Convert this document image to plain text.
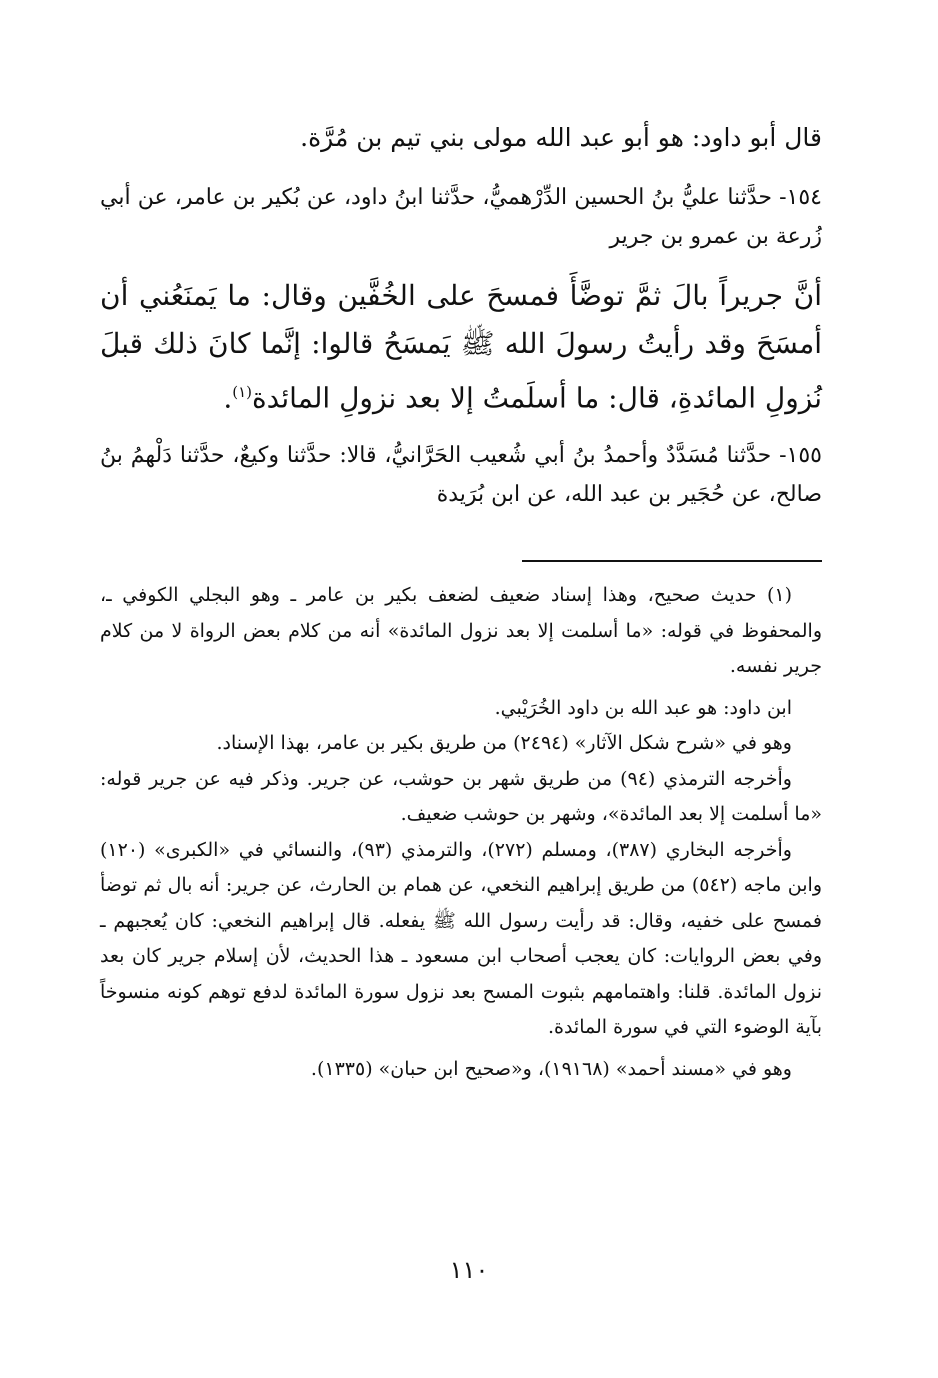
قال أبو داود: هو أبو عبد الله مولى بني تيم بن مُرَّة.

١٥٤- حدَّثنا عليُّ بنُ الحسين الدِّرْهميُّ، حدَّثنا ابنُ داود، عن بُكير بن عامر، عن أبي زُرعة بن عمرو بن جرير

أنَّ جريراً بالَ ثمَّ توضَّأَ فمسحَ على الخُفَّين وقال: ما يَمنَعُني أن أمسَحَ وقد رأيتُ رسولَ الله ﷺ يَمسَحُ قالوا: إنَّما كانَ ذلك قبلَ نُزولِ المائدةِ، قال: ما أسلَمتُ إلا بعد نزولِ المائدة$^{(١)}$.

١٥٥- حدَّثنا مُسَدَّدٌ وأحمدُ بنُ أبي شُعيب الحَرَّانيُّ، قالا: حدَّثنا وكيعٌ، حدَّثنا دَلْهمُ بنُ صالح، عن حُجَير بن عبد الله، عن ابن بُرَيدة

(١) حديث صحيح، وهذا إسناد ضعيف لضعف بكير بن عامر ـ وهو البجلي الكوفي ـ، والمحفوظ في قوله: «ما أسلمت إلا بعد نزول المائدة» أنه من كلام بعض الرواة لا من كلام جرير نفسه.

ابن داود: هو عبد الله بن داود الخُرَيْبي.

وهو في «شرح شكل الآثار» (٢٤٩٤) من طريق بكير بن عامر، بهذا الإسناد.

وأخرجه الترمذي (٩٤) من طريق شهر بن حوشب، عن جرير. وذكر فيه عن جرير قوله: «ما أسلمت إلا بعد المائدة»، وشهر بن حوشب ضعيف.

وأخرجه البخاري (٣٨٧)، ومسلم (٢٧٢)، والترمذي (٩٣)، والنسائي في «الكبرى» (١٢٠) وابن ماجه (٥٤٢) من طريق إبراهيم النخعي، عن همام بن الحارث، عن جرير: أنه بال ثم توضأ فمسح على خفيه، وقال: قد رأيت رسول الله ﷺ يفعله. قال إبراهيم النخعي: كان يُعجبهم ـ وفي بعض الروايات: كان يعجب أصحاب ابن مسعود ـ هذا الحديث، لأن إسلام جرير كان بعد نزول المائدة. قلنا: واهتمامهم بثبوت المسح بعد نزول سورة المائدة لدفع توهم كونه منسوخاً بآية الوضوء التي في سورة المائدة.

وهو في «مسند أحمد» (١٩١٦٨)، و«صحيح ابن حبان» (١٣٣٥).

١١٠
